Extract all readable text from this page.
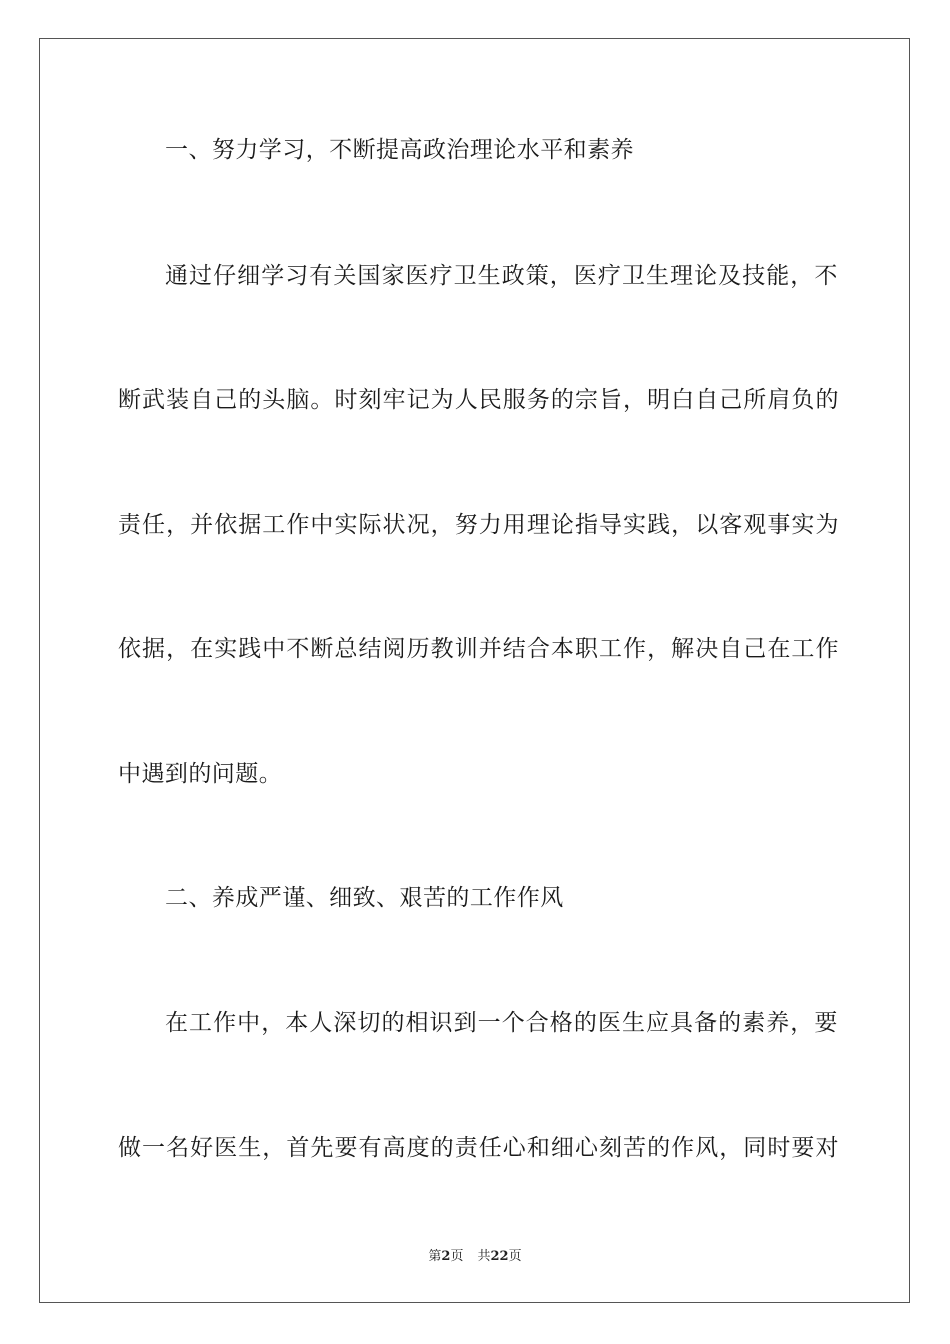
一、努力学习，不断提高政治理论水平和素养
通过仔细学习有关国家医疗卫生政策，医疗卫生理论及技能，不
断武装自己的头脑。时刻牢记为人民服务的宗旨，明白自己所肩负的
责任，并依据工作中实际状况，努力用理论指导实践，以客观事实为
依据，在实践中不断总结阅历教训并结合本职工作，解决自己在工作
中遇到的问题。
二、养成严谨、细致、艰苦的工作作风
在工作中，本人深切的相识到一个合格的医生应具备的素养，要
做一名好医生，首先要有高度的责任心和细心刻苦的作风，同时要对
第2页 共22页
